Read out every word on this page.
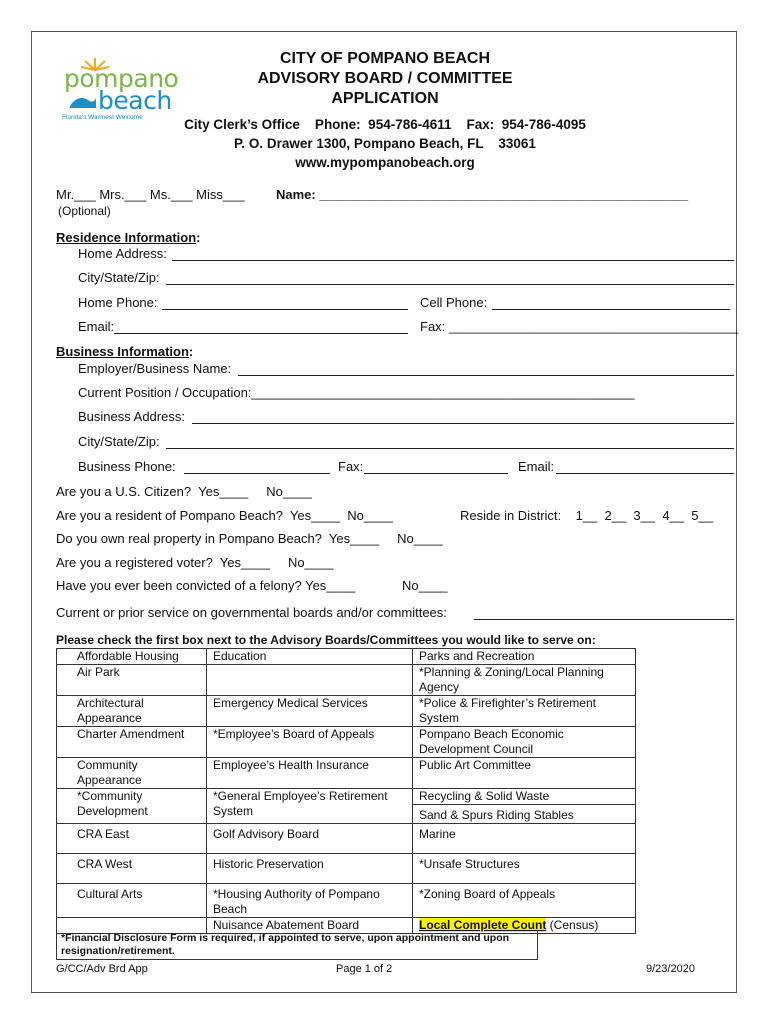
pompano
beach
Florida's Warmest Welcome
CITY OF POMPANO BEACH
ADVISORY BOARD / COMMITTEE
APPLICATION
City Clerk’s Office    Phone:  954-786-4611    Fax:  954-786-4095
P. O. Drawer 1300, Pompano Beach, FL    33061
www.mypompanobeach.org
Mr.___ Mrs.___ Ms.___ Miss___
(Optional)
Name: ___________________________________________________
Residence Information:
Home Address:
City/State/Zip:
Home Phone:	Cell Phone:
Email:	Fax: ________________________________________
Business Information:
Employer/Business Name:
Current Position / Occupation:_____________________________________________________
Business Address:
City/State/Zip:
Business Phone:	Fax:	Email:
Are you a U.S. Citizen?  Yes____     No____
Are you a resident of Pompano Beach?  Yes____  No____	Reside in District:    1__  2__  3__  4__  5__
Do you own real property in Pompano Beach?  Yes____     No____
Are you a registered voter?  Yes____     No____
Have you ever been convicted of a felony? Yes____	No____
Current or prior service on governmental boards and/or committees:
Please check the first box next to the Advisory Boards/Committees you would like to serve on:
Affordable Housing	Education	Parks and Recreation
Air Park		*Planning & Zoning/Local Planning Agency
Architectural Appearance	Emergency Medical Services	*Police & Firefighter’s Retirement System
Charter Amendment	*Employee’s Board of Appeals	Pompano Beach Economic Development Council
Community Appearance	Employee’s Health Insurance	Public Art Committee
*Community Development	*General Employee’s Retirement System	Recycling & Solid Waste
		Sand & Spurs Riding Stables
CRA East	Golf Advisory Board	Marine
CRA West	Historic Preservation	*Unsafe Structures
Cultural Arts	*Housing Authority of Pompano Beach	*Zoning Board of Appeals
	Nuisance Abatement Board	Local Complete Count (Census)
*Financial Disclosure Form is required, if appointed to serve, upon appointment and upon resignation/retirement.
G/CC/Adv Brd App	Page 1 of 2	9/23/2020
